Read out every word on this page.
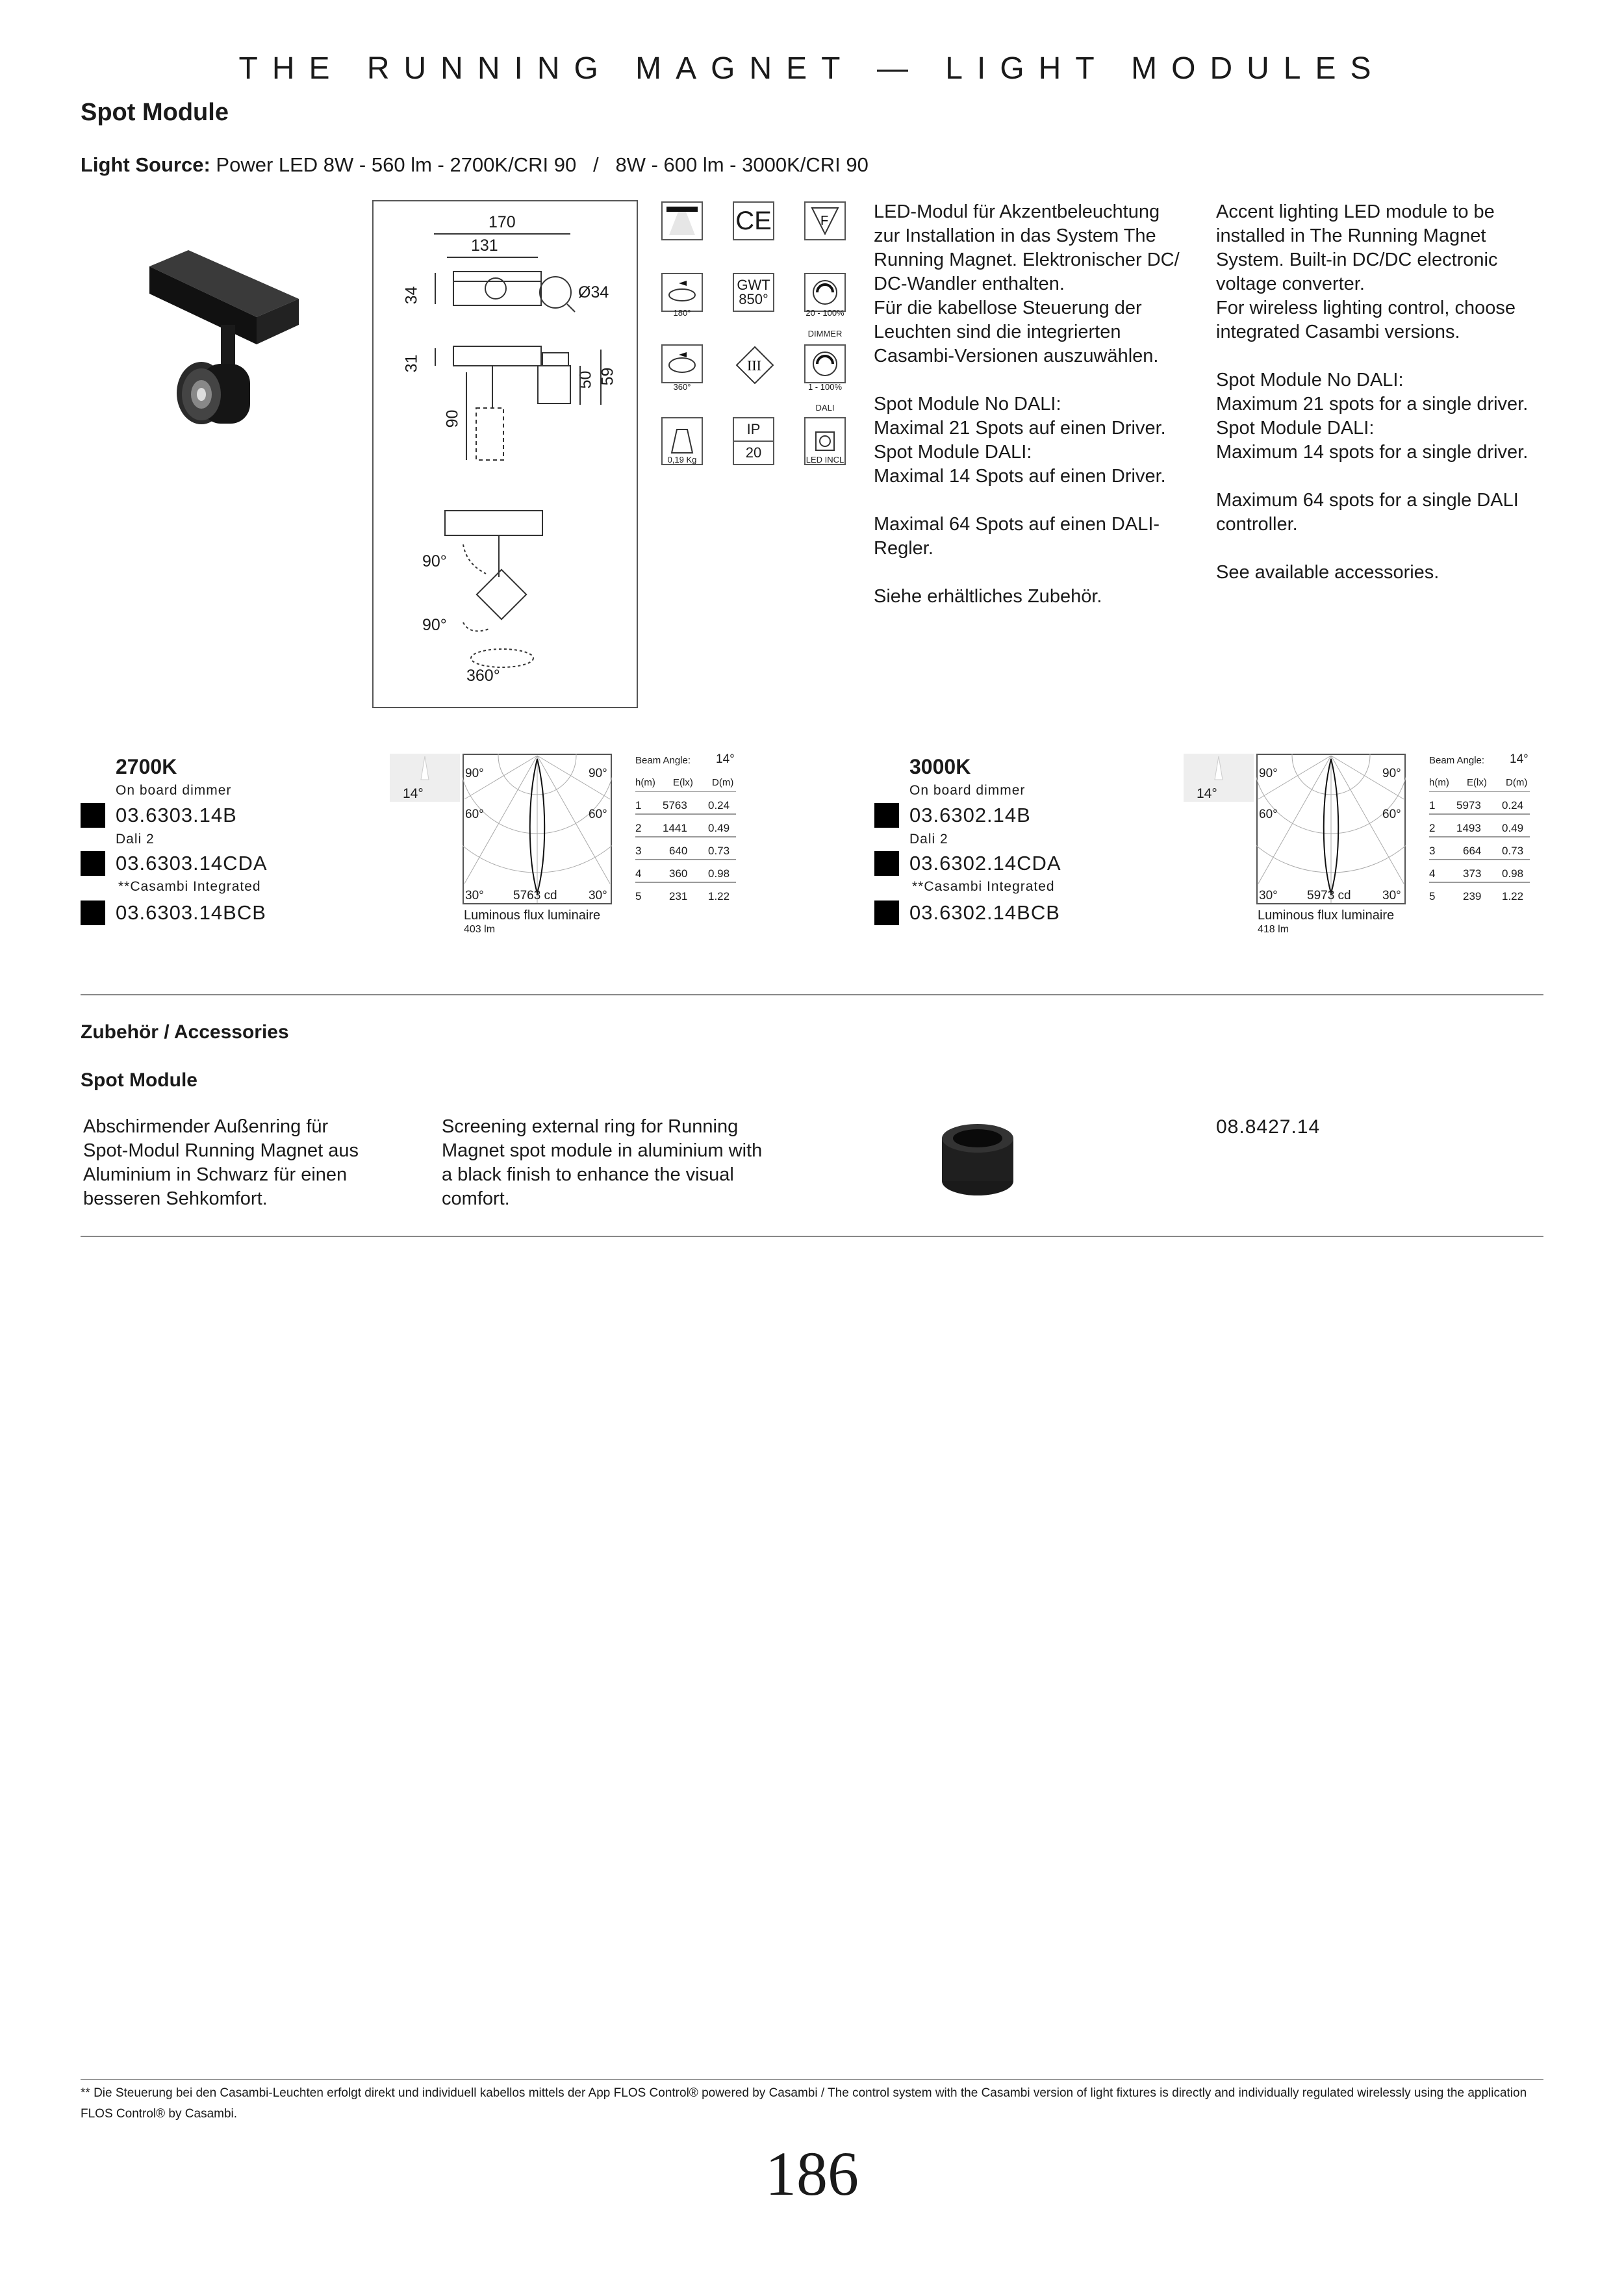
THE RUNNING MAGNET — LIGHT MODULES
Spot Module
Light Source: Power LED 8W - 560 lm - 2700K/CRI 90   /   8W - 600 lm - 3000K/CRI 90
170
131
34	Ø34
31
90
50 59
90°
90°
360°
CE	F
180°
GWT
850°
20 - 100%
DIMMER
360°
III
1 - 100%
DALI
0,19 Kg
IP
20	LED INCL
LED-Modul für Akzentbeleuchtung
zur Installation in das System The
Running Magnet. Elektronischer DC/
DC-Wandler enthalten.
Für die kabellose Steuerung der
Leuchten sind die integrierten
Casambi-Versionen auszuwählen.

Spot Module No DALI:
Maximal 21 Spots auf einen Driver.
Spot Module DALI:
Maximal 14 Spots auf einen Driver.

Maximal 64 Spots auf einen DALI-
Regler.

Siehe erhältliches Zubehör.
Accent lighting LED module to be
installed in The Running Magnet
System. Built-in DC/DC electronic
voltage converter.
For wireless lighting control, choose
integrated Casambi versions.

Spot Module No DALI:
Maximum 21 spots for a single driver.
Spot Module DALI:
Maximum 14 spots for a single driver.

Maximum 64 spots for a single DALI
controller.

See available accessories.
2700K
On board dimmer
03.6303.14B
Dali 2
03.6303.14CDA
**Casambi Integrated
03.6303.14BCB
14°
90°	90°
60°	60°
30°	30°
5763 cd
Luminous flux luminaire
403 lm
Beam Angle: 14°
h(m) E(lx) D(m)
1 5763 0.24
2 1441 0.49
3	640 0.73
4	360 0.98
5	231 1.22
3000K
On board dimmer
03.6302.14B
Dali 2
03.6302.14CDA
**Casambi Integrated
03.6302.14BCB
14°
90°	90°
60°	60°
30°	30°
5973 cd
Luminous flux luminaire
418 lm
Beam Angle: 14°
h(m) E(lx) D(m)
1 5973 0.24
2 1493 0.49
3	664 0.73
4	373 0.98
5	239 1.22
Zubehör / Accessories
Spot Module
Abschirmender Außenring für
Spot-Modul Running Magnet aus
Aluminium in Schwarz für einen
besseren Sehkomfort.
Screening external ring for Running
Magnet spot module in aluminium with
a black finish to enhance the visual
comfort.
08.8427.14
** Die Steuerung bei den Casambi-Leuchten erfolgt direkt und individuell kabellos mittels der App FLOS Control® powered by Casambi / The control system with the Casambi version of light fixtures is directly and individually regulated wirelessly using the application FLOS Control® by Casambi.
186
